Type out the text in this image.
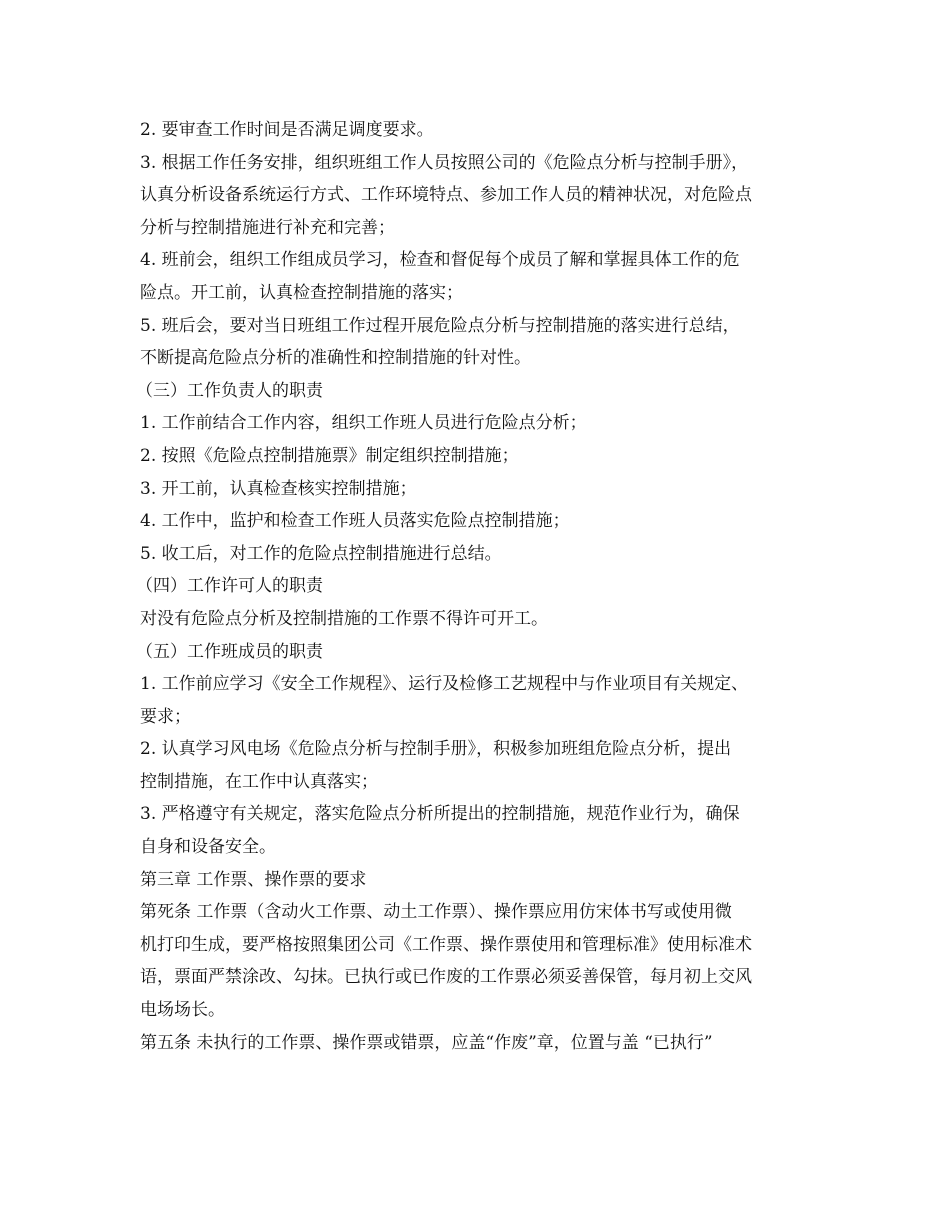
2. 要审查工作时间是否满足调度要求。
3. 根据工作任务安排，组织班组工作人员按照公司的《危险点分析与控制手册》，
认真分析设备系统运行方式、工作环境特点、参加工作人员的精神状况，对危险点
分析与控制措施进行补充和完善；
4. 班前会，组织工作组成员学习，检查和督促每个成员了解和掌握具体工作的危
险点。开工前，认真检查控制措施的落实；
5. 班后会，要对当日班组工作过程开展危险点分析与控制措施的落实进行总结，
不断提高危险点分析的准确性和控制措施的针对性。
（三）工作负责人的职责
1. 工作前结合工作内容，组织工作班人员进行危险点分析；
2. 按照《危险点控制措施票》制定组织控制措施；
3. 开工前，认真检查核实控制措施；
4. 工作中，监护和检查工作班人员落实危险点控制措施；
5. 收工后，对工作的危险点控制措施进行总结。
（四）工作许可人的职责
对没有危险点分析及控制措施的工作票不得许可开工。
（五）工作班成员的职责
1. 工作前应学习《安全工作规程》、运行及检修工艺规程中与作业项目有关规定、
要求；
2. 认真学习风电场《危险点分析与控制手册》，积极参加班组危险点分析，提出
控制措施，在工作中认真落实；
3. 严格遵守有关规定，落实危险点分析所提出的控制措施，规范作业行为，确保
自身和设备安全。
第三章 工作票、操作票的要求
第死条 工作票（含动火工作票、动土工作票）、操作票应用仿宋体书写或使用微
机打印生成，要严格按照集团公司《工作票、操作票使用和管理标准》使用标准术
语，票面严禁涂改、勾抹。已执行或已作废的工作票必须妥善保管，每月初上交风
电场场长。
第五条 未执行的工作票、操作票或错票，应盖“作废”章，位置与盖 “已执行”
